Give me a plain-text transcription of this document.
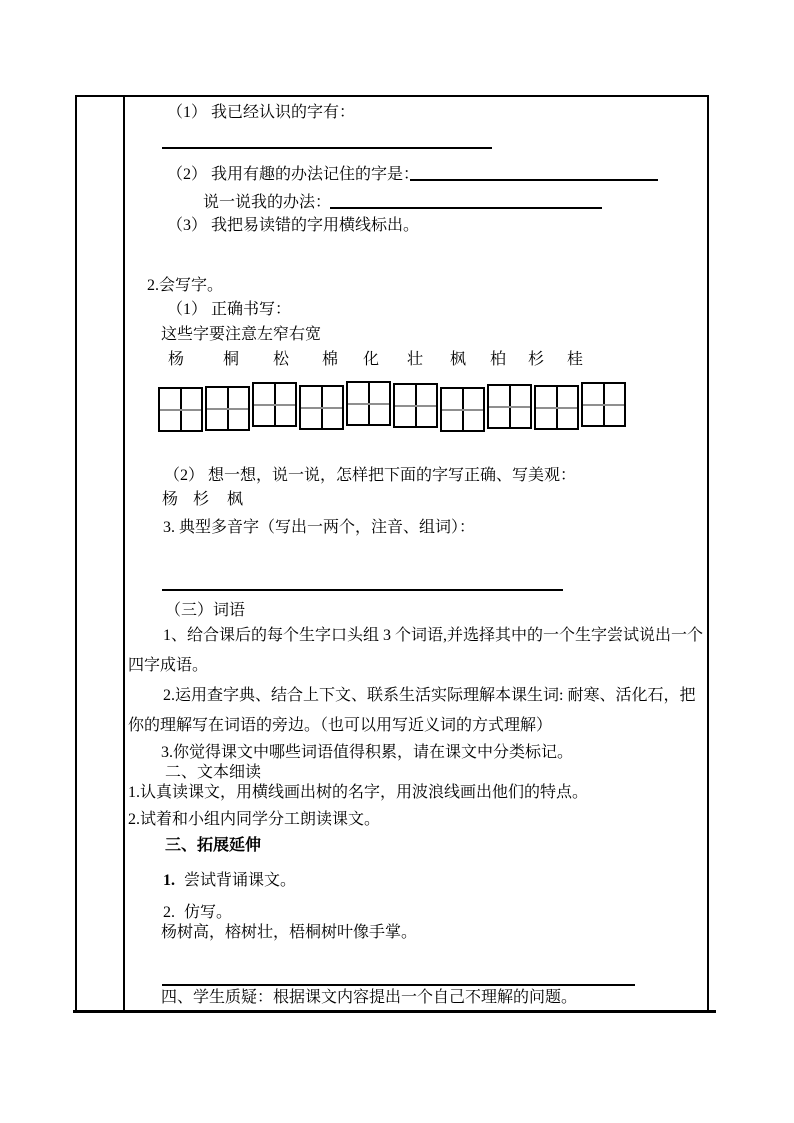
（1） 我已经认识的字有：
（2） 我用有趣的办法记住的字是：
说一说我的办法：
（3） 我把易读错的字用横线标出。
2.会写字。
（1） 正确书写：
这些字要注意左窄右宽
杨 桐 松 棉 化 壮 枫 柏 杉 桂
（2） 想一想，说一说，怎样把下面的字写正确、写美观：
杨 杉 枫
3. 典型多音字（写出一两个，注音、组词）：
（三）词语
1、给合课后的每个生字口头组 3 个词语,并选择其中的一个生字尝试说出一个
四字成语。
2.运用查字典、结合上下文、联系生活实际理解本课生词: 耐寒、活化石，把
你的理解写在词语的旁边。（也可以用写近义词的方式理解）
3.你觉得课文中哪些词语值得积累，请在课文中分类标记。
二、文本细读
1.认真读课文，用横线画出树的名字，用波浪线画出他们的特点。
2.试着和小组内同学分工朗读课文。
三、拓展延伸
1. 尝试背诵课文。
2. 仿写。
杨树高，榕树壮，梧桐树叶像手掌。
四、学生质疑：根据课文内容提出一个自己不理解的问题。
